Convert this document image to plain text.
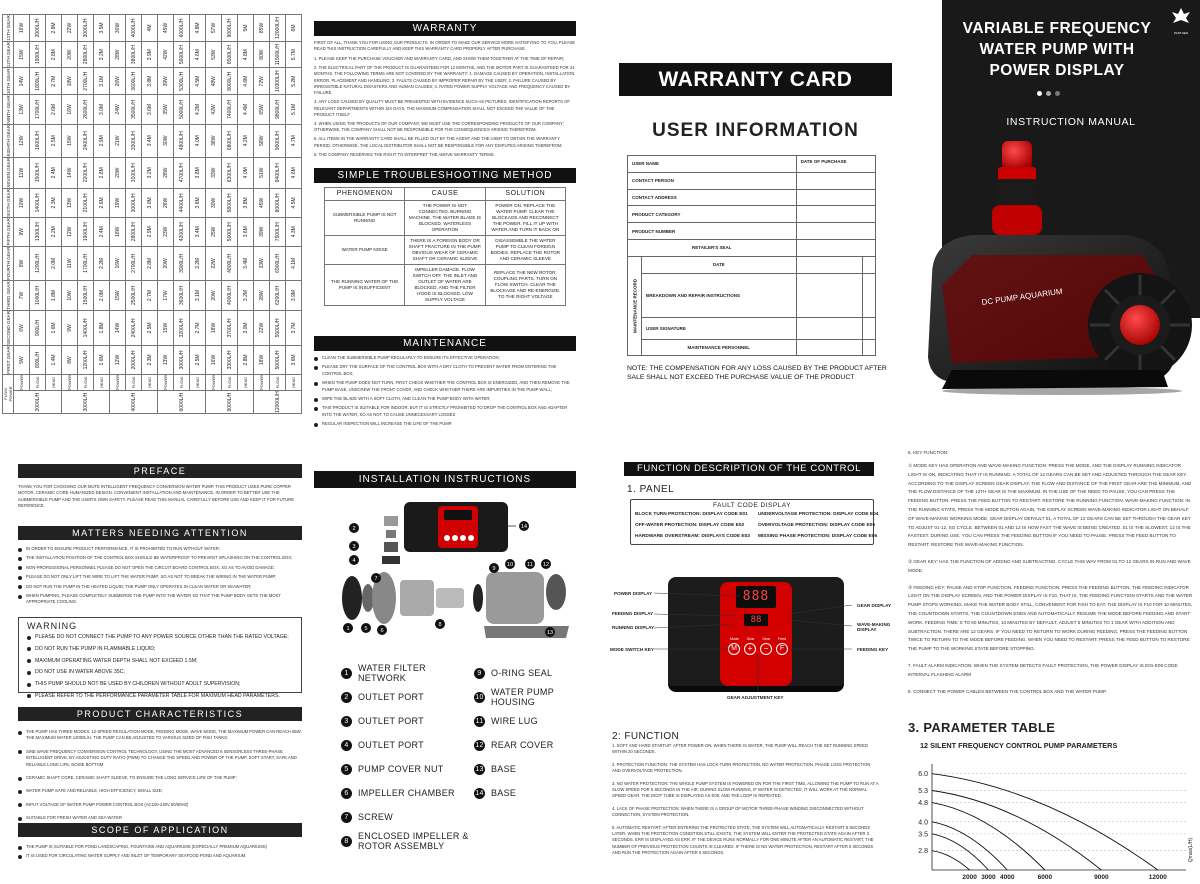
FLOW POWER		FIRST GEAR	SECOND GEAR	THIRD GEAR	FOURTH GEAR	FIFTH GEAR	SIXTH GEAR	SEVEN GEAR	EIGHTH GEAR	NINTH GEAR	10TH GEAR	11TH GEAR	12TH GEAR
2000L/H	POWER	5W	6W	7W	8W	9W	10W	11W	12W	13W	14W	15W	16W
	FLOW	800L/H	900L/H	1000L/H	1200L/H	1300L/H	1400L/H	1500L/H	1600L/H	1700L/H	1800L/H	1900L/H	2000L/H
	HEAD	1.4M	1.6M	1.8M	2.0M	2.2M	2.3M	2.4M	2.5M	2.6M	2.7M	2.8M	2.8M
3000L/H	POWER	8W	9W	10W	11W	12W	13W	14W	15W	16W	18W	20W	22W
	FLOW	1200L/H	1400L/H	1500L/H	1700L/H	1900L/H	2100L/H	2200L/H	2400L/H	2600L/H	2700L/H	2800L/H	3000L/H
	HEAD	1.6M	1.8M	2.0M	2.2M	2.4M	2.6M	2.8M	2.9M	3.0M	3.1M	3.2M	3.5M
4000L/H	POWER	12W	14W	15W	16W	18W	19W	20W	21W	24W	26W	28W	30W
	FLOW	2000L/H	2400L/H	2500L/H	2700L/H	2800L/H	3000L/H	3100L/H	3300L/H	3500L/H	3600L/H	3800L/H	4000L/H
	HEAD	2.3M	2.5M	2.7M	2.8M	2.9M	3.0M	3.2M	3.4M	3.6M	3.8M	3.9M	4M
6000L/H	POWER	13W	15W	17W	20W	23W	26W	28W	30W	35W	39W	42W	45W
	FLOW	3000L/H	3200L/H	3600L/H	3900L/H	4200L/H	4400L/H	4700L/H	4800L/H	5000L/H	5300L/H	5600L/H	6000L/H
	HEAD	2.5M	2.7M	3.1M	3.2M	3.4M	3.6M	3.8M	4.0M	4.2M	4.5M	4.6M	4.8M
9000L/H	POWER	16W	18W	20W	22W	25W	30W	33W	38W	42W	48W	53W	57W
	FLOW	3300L/H	3700L/H	4000L/H	4800L/H	5000L/H	5800L/H	6300L/H	6800L/H	7400L/H	8000L/H	8500L/H	9000L/H
	HEAD	2.8M	3.0M	3.2M	3.4M	3.6M	3.8M	4.0M	4.2M	4.4M	4.6M	4.8M	5M
12000L/H	POWER	18W	22W	28W	33W	39W	45W	51W	58W	65W	72W	80W	85W
	FLOW	5000L/H	5500L/H	6200L/H	6900L/H	7500L/H	8000L/H	8400L/H	9000L/H	9800L/H	10300L/H	11500L/H	12000L/H
	HEAD	3.6M	3.7M	3.9M	4.1M	4.3M	4.5M	4.6M	4.7M	5.1M	5.2M	5.7M	6M	WARRANTY
FIRST OF ALL, THANK YOU FOR USING OUR PRODUCTS. IN ORDER TO MAKE OUR SERVICE MORE SATISFYING TO YOU, PLEASE READ THIS INSTRUCTION CAREFULLY AND KEEP THIS WARRANTY CARD PROPERLY AFTER PURCHASE.
1. PLEASE KEEP THE PURCHASE VOUCHER AND WARRANTY CARD, AND SHOW THEM TOGETHER AT THE TIME OF REPAIR;
2. THE ELECTRICAL PART OF THE PRODUCT IS GUARANTEED FOR 12 MONTHS, AND THE MOTOR PART IS GUARANTEED FOR 24 MONTHS. THE FOLLOWING TERMS ARE NOT COVERED BY THE WARRANTY: 1. DAMAGE CAUSED BY OPERATION, INSTALLATION ERROR, PLACEMENT AND HANDLING; 2. FAULTS CAUSED BY IMPROPER REPAIR BY THE USER; 3. FAILURE CAUSED BY IRRESISTIBLE NATURAL DISASTERS AND HUMAN CAUSES; 4. RATED POWER SUPPLY VOLTAGE AND FREQUENCY CAUSED BY FAILURE.
3. ANY LOSS CAUSED BY QUALITY MUST BE PRESENTED WITH EVIDENCE SUCH AS PICTURES, IDENTIFICATION REPORTS OF RELEVANT DEPARTMENTS WITHIN SIX DAYS. THE MAXIMUM COMPENSATION SHALL NOT EXCEED THE VALUE OF THE PRODUCT ITSELF.
4. WHEN USING THE PRODUCTS OF OUR COMPANY, WE MUST USE THE CORRESPONDING PRODUCTS OF OUR COMPANY; OTHERWISE, THE COMPANY SHALL NOT BE RESPONSIBLE FOR THE CONSEQUENCES ARISING THEREFROM.
5. ALL ITEMS IN THE WARRANTY CARD SHALL BE FILLED OUT BY THE AGENT AND THE USER TO OBTAIN THE WARRANTY PERIOD. OTHERWISE, THE LOCAL DISTRIBUTOR SHALL NOT BE RESPONSIBLE FOR ANY DISPUTES ARISING THEREFROM.
6. THE COMPANY RESERVES THE RIGHT TO INTERPRET THE ABOVE WARRANTY TERMS.
SIMPLE TROUBLESHOOTING METHOD
PHENOMENON	CAUSE	SOLUTION
SUBMERSIBLE PUMP IS NOT RUNNING	THE POWER IS NOT CONNECTED. BURNING MACHINE. THE WATER BLADE IS BLOCKED. WATERLESS OPERATION	POWER ON. REPLACE THE WATER PUMP. CLEAR THE BLOCKAGE AND RECONNECT THE POWER. FILL IT UP WITH WATER AND TURN IT BACK ON
WATER PUMP NOISE	THERE IS A FOREIGN BODY OR SHAFT FRACTURE IN THE PUMP. OBVIOUS WEAR OF CERAMIC SHAFT OR CERAMIC SLEEVE	DISASSEMBLE THE WATER PUMP TO CLEAN FOREIGN BODIES. REPLACE THE ROTOR AND CERAMIC SLEEVE
THE RUNNING WATER OF THE PUMP IS INSUFFICIENT	IMPELLER DAMAGE. FLOW SWITCH OFF. THE INLET AND OUTLET OF WATER ARE BLOCKED, AND THE FILTER HOOD IS BLOCKED. LOW SUPPLY VOLTAGE	REPLACE THE NEW ROTOR. COUPLING PARTS. TURN ON FLOW SWITCH. CLEAR THE BLOCKAGE AND RE-ENERGIZE. TO THE RIGHT VOLTAGE
MAINTENANCE
CLEAN THE SUBMERSIBLE PUMP REGULARLY TO ENSURE ITS EFFECTIVE OPERATION;
PLEASE DRY THE SURFACE OF THE CONTROL BOX WITH A DRY CLOTH TO PREVENT WATER FROM ENTERING THE CONTROL BOX;
WHEN THE PUMP DOES NOT TURN, FIRST CHECK WHETHER THE CONTROL BOX IS ENERGIZED, AND THEN REMOVE THE PUMP BASE, UNSCREW THE FRONT COVER, AND CHECK WHETHER THERE ARE IMPURITIES IN THE PUMP WALL;
WIPE THE BLADE WITH A SOFT CLOTH, AND CLEAN THE PUMP BODY WITH WATER;
THIS PRODUCT IS SUITABLE FOR INDOOR, BUT IT IS STRICTLY PROHIBITED TO DROP THE CONTROL BOX AND ADAPTER INTO THE WATER, SO AS NOT TO CAUSE UNNECESSARY LOSSES
REGULAR INSPECTION WILL INCREASE THE LIFE OF THE PUMP.
WARRANTY CARD
USER INFORMATION
USER NAME		DATE OF PURCHASE	
CONTACT PERSON			
CONTACT ADDRESS			
PRODUCT CATEGORY			
PRODUCT NUMBER			
RETAILER'S SEAL			

MAINTENANCE RECORD	DATE		
	BREAKDOWN AND REPAIR INSTRUCTIONS		
	USER SIGNATURE		
	MAINTENANCE PERSONNEL		
NOTE: THE COMPENSATION FOR ANY LOSS CAUSED BY THE PRODUCT AFTER SALE SHALL NOT EXCEED THE PURCHASE VALUE OF THE PRODUCT
PANTHER
VARIABLE FREQUENCY WATER PUMP WITH POWER DISPLAY
INSTRUCTION MANUAL
DC PUMP AQUARIUM
PREFACE
THANK YOU FOR CHOOSING OUR MUTE INTELLIGENT FREQUENCY CONVERSION WATER PUMP. THIS PRODUCT USES PURE COPPER MOTOR, CERAMIC CORE HUMANIZED DESIGN. CONVENIENT INSTALLATION AND MAINTENANCE, IN ORDER TO BETTER USE THE SUBMERSIBLE PUMP AND THE USER'S OWN SAFETY. PLEASE READ THIS MANUAL CAREFULLY BEFORE USE AND KEEP IT FOR FUTURE REFERENCE.
MATTERS NEEDING ATTENTION
IN ORDER TO ENSURE PRODUCT PERFORMANCE, IT IS PROHIBITED TO RUN WITHOUT WATER;
THE INSTALLATION POSITION OF THE CONTROL BOX SHOULD BE WATERPROOF TO PREVENT SPLASHING ON THE CONTROL BOX;
NON-PROFESSIONAL PERSONNEL PLEASE DO NOT OPEN THE CIRCUIT BOARD CONTROL BOX, SO AS TO AVOID DAMAGE;
PLEASE DO NOT ONLY LIFT THE WIRE TO LIFT THE WATER PUMP; SO AS NOT TO BREAK THE WIRING IN THE WATER PUMP;
DO NOT RUN THE PUMP IN THE HEATED LIQUID; THE PUMP ONLY OPERATES IN CLEAN WATER OR SEAWATER;
WHEN PUMPING, PLEASE COMPLETELY SUBMERGE THE PUMP INTO THE WATER SO THAT THE PUMP BODY GETS THE MOST APPROPRIATE COOLING.
WARNING
PLEASE DO NOT CONNECT THE PUMP TO ANY POWER SOURCE OTHER THAN THE RATED VOLTAGE;
DO NOT RUN THE PUMP IN FLAMMABLE LIQUID;
MAXIMUM OPERATING WATER DEPTH SHALL NOT EXCEED 1.5M;
DO NOT USE IN WATER ABOVE 35C;
THIS PUMP SHOULD NOT BE USED BY CHILDREN WITHOUT ADULT SUPERVISION;
PLEASE REFER TO THE PERFORMANCE PARAMETER TABLE FOR MAXIMUM HEAD PARAMETERS.
PRODUCT CHARACTERISTICS
THE PUMP HAS THREE MODES: 12-SPEED REGULATION MODE, FEEDING MODE, WAVE MODE, THE MAXIMUM POWER CAN REACH 85W, THE MAXIMUM WATER 12000L/H. THE PUMP CAN BE ADJUSTED TO VARIOUS SIZED OF FISH TANKS;
SINE WAVE FREQUENCY CONVERSION CONTROL TECHNOLOGY, USING THE MOST ADVANCED 6 SENSORLESS THREE-PHASE INTELLIGENT DRIVE, BY ADJUSTING DUTY RATIO (PWM) TO CHANGE THE SPEED AND POWER OF THE PUMP, SOFT START, SAFE AND RELIABLE LONG LIFE, NOISE BOTTOM
CERAMIC SHAFT CORE, CERAMIC SHAFT SLEEVE, TO ENSURE THE LONG SERVICE LIFE OF THE PUMP;
WATER PUMP SAFE AND RELIABLE, HIGH EFFICIENCY, SMALL SIZE;
INPUT VOLTAGE OF WATER PUMP POWER CONTROL BOX (AC100-240V 50/60HZ)
SUITABLE FOR FRESH WATER AND SEA WATER
SCOPE OF APPLICATION
THE PUMP IS SUITABLE FOR POND LANDSCAPING, FOUNTAINS AND AQUARIUMS (ESPECIALLY PREMIUM AQUARIUMS)
IT IS USED FOR CIRCULATING WATER SUPPLY AND INLET OF TEMPORARY SEAFOOD POND AND AQUARIUM.
INSTALLATION INSTRUCTIONS
1
2
3
4
5 6
7
8
9
10	11 12
13
14
1	WATER FILTER NETWORK
2	OUTLET PORT
3	OUTLET PORT
4	OUTLET PORT
5	PUMP COVER NUT
6	IMPELLER CHAMBER
7	SCREW
8	ENCLOSED IMPELLER & ROTOR ASSEMBLY
9	O-RING SEAL
10 WATER PUMP HOUSING
11 WIRE LUG
12 REAR COVER
13 BASE
14 BASE
FUNCTION DESCRIPTION OF THE CONTROL BOARD
1. PANEL
FAULT CODE DISPLAY
BLOCK TURN PROTECTION: DISPLAY CODE E01	UNDERVOLTAGE PROTECTION: DISPLAY CODE E04
OFF-WATER PROTECTION: DISPLAY CODE E02	OVERVOLTAGE PROTECTION: DISPLAY CODE E05
HARDWARE OVERSTREAM: DISPLAYS CODE E03	MISSING PHASE PROTECTION: DISPLAY CODE E06
888
88
Mode Gear Gear Feed
M	+	−	F
POWER DISPLAY
FEEDING DISPLAY
RUNNING DISPLAY
MODE SWITCH KEY
GEAR DISPLAY
WAVE-MAKING DISPLAY
FEEDING KEY
GEAR ADJUSTMENT KEY
2: FUNCTION
1. SOFT AND HARD STARTUP: AFTER POWER-ON, WHEN THERE IS WATER, THE PUMP WILL REACH THE SET RUNNING SPEED WITHIN 20 SECONDS.
2. PROTECTION FUNCTION: THE SYSTEM HAS LOCK-TURN PROTECTION, NO WATER PROTECTION, PHASE LOSS PROTECTION AND OVERVOLTAGE PROTECTION.
3. NO WATER PROTECTION: THE WHOLE PUMP SYSTEM IS POWERED ON FOR THE FIRST TIME, ALLOWING THE PUMP TO RUN AT A SLOW SPEED FOR 5 SECONDS IN THE AIR. DURING SLOW RUNNING, IF WATER IS DETECTED, IT WILL WORK AT THE NORMAL SPEED GEAR. THE DIGIT TUBE IS DISPLAYED AS E09, AND THE LOOP IS REPEATED.
4. LACK OF PHASE PROTECTION: WHEN THERE IS A GROUP OF MOTOR THREE-PHASE WINDING DISCONNECTED WITHOUT CONNECTION, SYSTEM PROTECTION.
5. AUTOMATIC RESTART: AFTER ENTERING THE PROTECTED STATE, THE SYSTEM WILL AUTOMATICALLY RESTART 5 SECONDS LATER. WHEN THE PROTECTION CONDITION STILL EXISTS, THE SYSTEM WILL ENTER THE PROTECTED STATE AGAIN AFTER 3 SECONDS. ERR IS DISPLAYED AS ERR. IF THE DEVICE RUNS NORMALLY FOR ONE MINUTE AFTER AN AUTOMATIC RESTART, THE NUMBER OF PREVIOUS PROTECTION COUNTS IS CLEARED. IF THERE IS NO WATER PROTECTION, RESTART AFTER 5 SECONDS AND RUN THE PROTECTION AGAIN AFTER 5 SECONDS.
6. KEY FUNCTION:
① MODE KEY HAS OPERATION AND WAVE-MAKING FUNCTION: PRESS THE MODE, AND THE DISPLAY RUNNING INDICATOR LIGHT IS ON, INDICATING THAT IT IS RUNNING. A TOTAL OF 12 GEARS CAN BE SET AND ADJUSTED THROUGH THE GEAR KEY. ACCORDING TO THE DISPLAY SCREEN GEAR DISPLAY, THE FLOW AND DISTANCE OF THE FIRST GEAR ARE THE MINIMUM, AND THE FLOW DISTANCE OF THE 12TH GEAR IS THE MAXIMUM. IN THE USE OF THE NEED TO PAUSE, YOU CAN PRESS THE FEEDING BUTTON. PRESS THE FEED BUTTON TO RESTART. RESTORE THE RUNNING FUNCTION. WAVE-MAKING FUNCTION: IN THE RUNNING STATE, PRESS THE MODE BUTTON AGAIN, THE DISPLAY SCREEN WAVE-MAKING INDICATOR LIGHT ON BEHALF OF WAVE-MAKING WORKING MODE, GEAR DISPLAY DEFAULT 01, A TOTAL OF 12 GEARS CAN BE SET THROUGH THE GEAR KEY TO ADJUST 01-12, SO CYCLE. BETWEEN 01 AND 12 IS HOW FAST THE WAVE IS BEING CREATED. 01 IS THE SLOWEST, 12 IS THE FASTEST. DURING USE, YOU CAN PRESS THE FEEDING BUTTON IF YOU NEED TO PAUSE. PRESS THE FEED BUTTON TO RESTART. RESTORE THE WAVE-MAKING FUNCTION.
② GEAR KEY: HAS THE FUNCTION OF ADDING AND SUBTRACTING. CYCLE THIS WAY FROM 01 TO 12 GEARS IN RUN AND WAVE MODE.
③ FEEDING KEY: PAUSE AND STOP FUNCTION. FEEDING FUNCTION: PRESS THE FEEDING BUTTON, THE FEEDING INDICATOR LIGHT ON THE DISPLAY SCREEN, AND THE POWER DISPLAY IS F10, THAT IS, THE FEEDING FUNCTION STARTS AND THE WATER PUMP STOPS WORKING. MAKE THE WATER BODY STILL, CONVENIENT FOR FISH TO EAT, THE DISPLAY IS F10 FOR 10 MINUTES, THE COUNTDOWN STARTS, THE COUNTDOWN ENDS AND AUTOMATICALLY RESUME THE MODE BEFORE FEEDING AND START WORK. FEEDING TIME: 5 TO 60 MINUTES, 10 MINUTES BY DEFAULT, ADJUST 5 MINUTES TO 1 GEAR WITH ADDITION AND SUBTRACTION. THERE ARE 12 GEARS. IF YOU NEED TO RETURN TO WORK DURING FEEDING, PRESS THE FEEDING BUTTON TWICE TO RETURN TO THE MODE BEFORE FEEDING. WHEN YOU NEED TO RESTART, PRESS THE FEED BUTTON TO RESTORE THE PUMP TO THE WORKING STATE BEFORE STOPPING.
7. FAULT ALARM INDICATION: WHEN THE SYSTEM DETECTS FAULT PROTECTION, THE POWER DISPLAY IS E01-E06 CODE INTERVAL FLASHING ALARM
8. CONNECT THE POWER CABLES BETWEEN THE CONTROL BOX AND THE WATER PUMP.
3. PARAMETER TABLE
12 SILENT FREQUENCY CONTROL PUMP PARAMETERS
6.0
5.3
4.8
4.0
3.5
2.8
2000 3000 4000	6000	9000	12000
Qmax(L/H)
